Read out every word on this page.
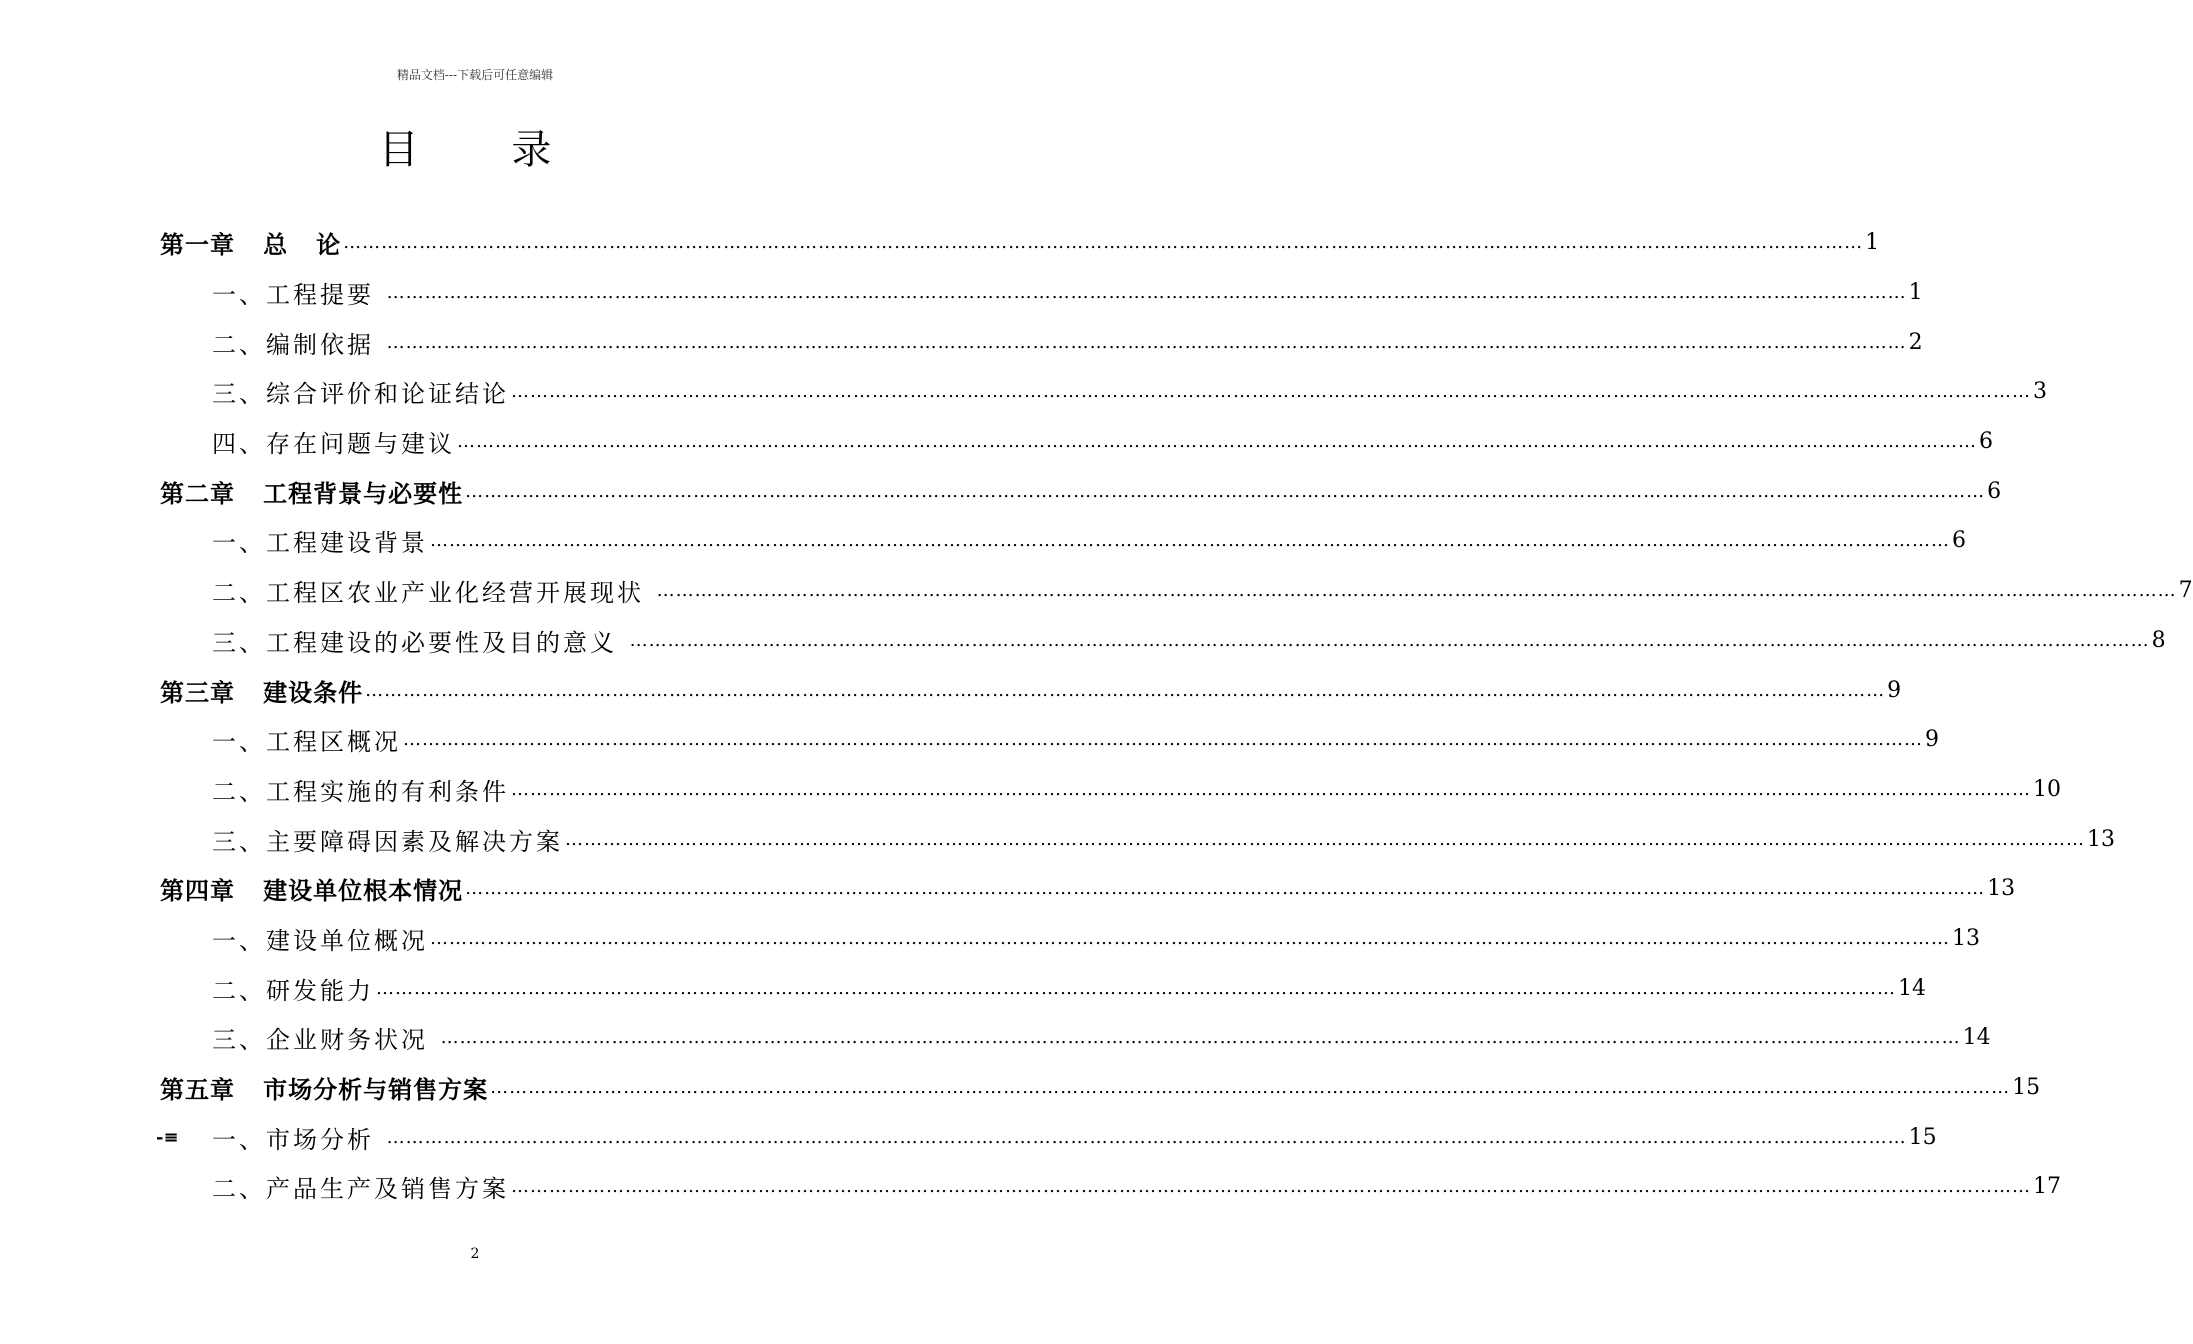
精品文档---下载后可任意编辑
目 录
第一章   总   论 …………………………………………………………………………………………………………………………………………………………………………………………………………………… 1
一、工程提要 …………………………………………………………………………………………………………………………………………………………………………………………………………………… 1
二、编制依据 …………………………………………………………………………………………………………………………………………………………………………………………………………………… 2
三、综合评价和论证结论 …………………………………………………………………………………………………………………………………………………………………………………………………………………… 3
四、存在问题与建议 …………………………………………………………………………………………………………………………………………………………………………………………………………………… 6
第二章   工程背景与必要性 …………………………………………………………………………………………………………………………………………………………………………………………………………………… 6
一、工程建设背景 …………………………………………………………………………………………………………………………………………………………………………………………………………………… 6
二、工程区农业产业化经营开展现状 …………………………………………………………………………………………………………………………………………………………………………………………………………………… 7
三、工程建设的必要性及目的意义 …………………………………………………………………………………………………………………………………………………………………………………………………………………… 8
第三章   建设条件 …………………………………………………………………………………………………………………………………………………………………………………………………………………… 9
一、工程区概况 …………………………………………………………………………………………………………………………………………………………………………………………………………………… 9
二、工程实施的有利条件 …………………………………………………………………………………………………………………………………………………………………………………………………………………… 10
三、主要障碍因素及解决方案 …………………………………………………………………………………………………………………………………………………………………………………………………………………… 13
第四章   建设单位根本情况 …………………………………………………………………………………………………………………………………………………………………………………………………………………… 13
一、建设单位概况 …………………………………………………………………………………………………………………………………………………………………………………………………………………… 13
二、研发能力 …………………………………………………………………………………………………………………………………………………………………………………………………………………… 14
三、企业财务状况 …………………………………………………………………………………………………………………………………………………………………………………………………………………… 14
第五章   市场分析与销售方案 …………………………………………………………………………………………………………………………………………………………………………………………………………………… 15
-≡	一、市场分析 …………………………………………………………………………………………………………………………………………………………………………………………………………………… 15
二、产品生产及销售方案 …………………………………………………………………………………………………………………………………………………………………………………………………………………… 17
2
